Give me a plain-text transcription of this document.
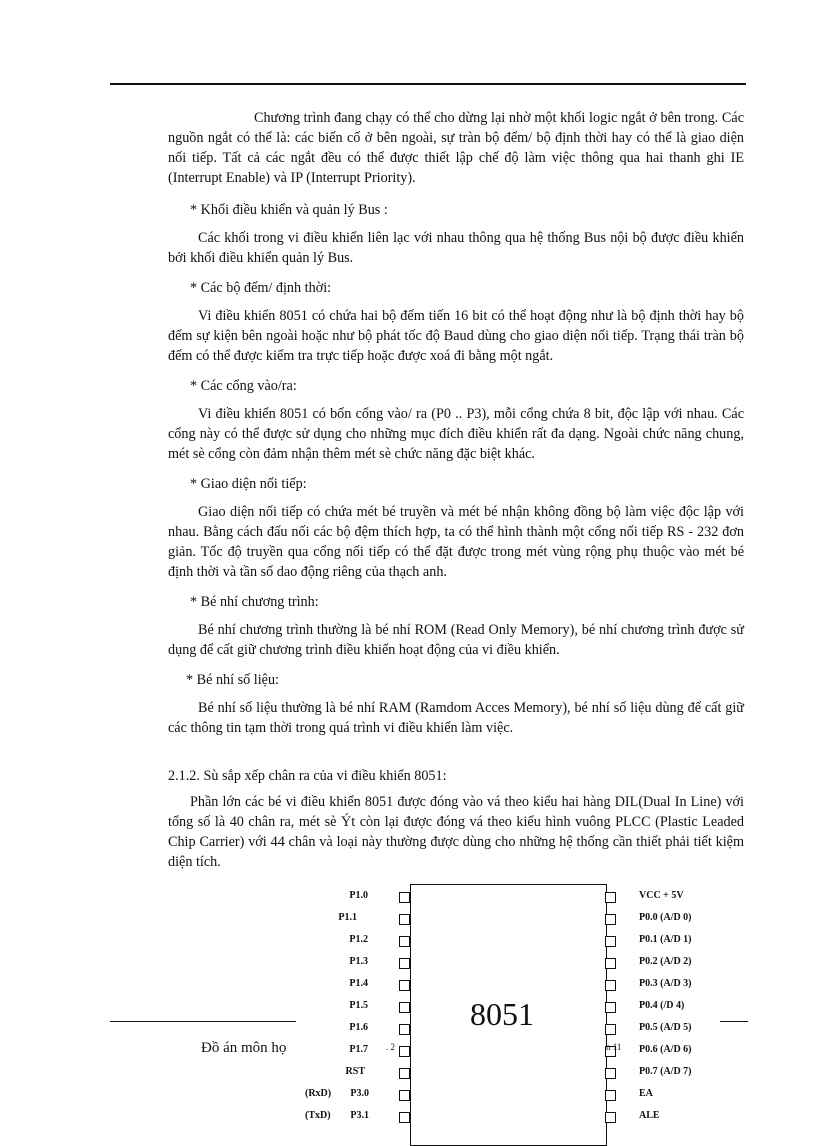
Chương trình đang chạy có thể cho dừng lại nhờ một khối logic ngắt ở bên trong. Các nguồn ngắt có thể là: các biến cố ở bên ngoài, sự tràn bộ đếm/ bộ định thời hay có thể là giao diện nối tiếp. Tất cả các ngắt đều có thể được thiết lập chế độ làm việc thông qua hai thanh ghi IE (Interrupt Enable) và IP (Interrupt Priority).

* Khối điều khiển và quản lý Bus :

Các khối trong vi điều khiển liên lạc với nhau thông qua hệ thống Bus nội bộ được điều khiển bởi khối điều khiển quản lý Bus.

* Các bộ đếm/ định thời:

Vi điều khiển 8051 có chứa hai bộ đếm tiến 16 bit có thể hoạt động như là bộ định thời hay bộ đếm sự kiện bên ngoài hoặc như bộ phát tốc độ Baud dùng cho giao diện nối tiếp. Trạng thái tràn bộ đếm có thể được kiểm tra trực tiếp hoặc được xoá đi bằng một ngắt.

* Các cổng vào/ra:

Vi điều khiển 8051 có bốn cổng vào/ ra (P0 .. P3), mỗi cổng chứa 8 bit, độc lập với nhau. Các cổng này có thể được sử dụng cho những mục đích điều khiển rất đa dạng. Ngoài chức năng chung, mét sè cổng còn đảm nhận thêm mét sè chức năng đặc biệt khác.

* Giao diện nối tiếp:

Giao diện nối tiếp có chứa mét bé truyền và mét bé nhận không đồng bộ làm việc độc lập với nhau. Bằng cách đấu nối các bộ đệm thích hợp, ta có thể hình thành một cổng nối tiếp RS - 232 đơn giản. Tốc độ truyền qua cổng nối tiếp có thể đặt được trong mét vùng rộng phụ thuộc vào mét bé định thời và tần số dao động riêng của thạch anh.

* Bé nhí chương trình:

Bé nhí chương trình thường là bé nhí ROM (Read Only Memory), bé nhí chương trình được sử dụng để cất giữ chương trình điều khiển hoạt động của vi điều khiển.

* Bé nhí số liệu:

Bé nhí số liệu thường là bé nhí RAM (Ramdom Acces Memory), bé nhí số liệu dùng để cất giữ các thông tin tạm thời trong quá trình vi điều khiển làm việc.

2.1.2. Sù sắp xếp chân ra của vi điều khiển 8051:

Phần lớn các bé vi điều khiển 8051 được đóng vào vá theo kiểu hai hàng DIL(Dual In Line) với tổng số là 40 chân ra, mét sè Ýt còn lại được đóng vá theo kiểu hình vuông PLCC (Plastic Leaded Chip Carrier) với 44 chân và loại này thường được dùng cho những hệ thống cần thiết phải tiết kiệm diện tích.

8051
P1.0
P1.1
P1.2
P1.3
P1.4
P1.5
P1.6
P1.7
RST
(RxD)	P3.0
(TxD)	P3.1
VCC + 5V
P0.0 (A/D 0)
P0.1 (A/D 1)
P0.2 (A/D 2)
P0.3 (A/D 3)
P0.4 (/D 4)
P0.5 (A/D 5)
P0.6 (A/D 6)
P0.7 (A/D 7)
EA
ALE
Đồ án môn họ	. 2	n 11
